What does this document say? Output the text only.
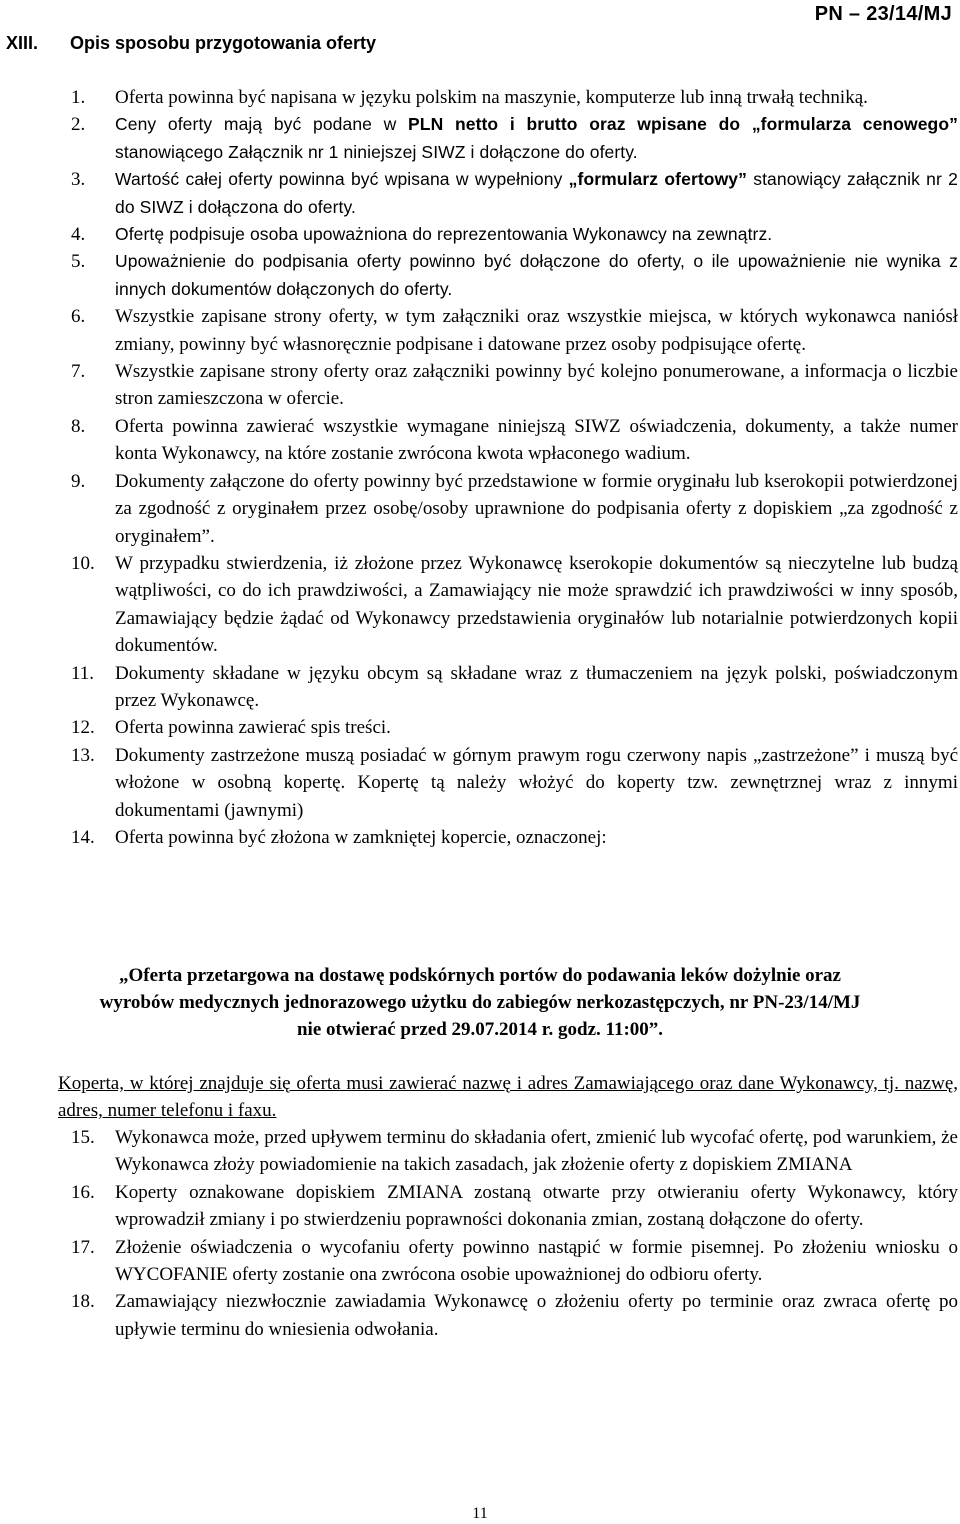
PN – 23/14/MJ
XIII. Opis sposobu przygotowania oferty
1.	Oferta powinna być napisana w języku polskim na maszynie, komputerze lub inną trwałą techniką.
2.	Ceny oferty mają być podane w PLN netto i brutto oraz wpisane do „formularza cenowego” stanowiącego Załącznik nr 1 niniejszej SIWZ i dołączone do oferty.
3.	Wartość całej oferty powinna być wpisana w wypełniony „formularz ofertowy” stanowiący załącznik nr 2 do SIWZ i dołączona do oferty.
4.	Ofertę podpisuje osoba upoważniona do reprezentowania Wykonawcy na zewnątrz.
5.	Upoważnienie do podpisania oferty powinno być dołączone do oferty, o ile upoważnienie nie wynika z innych dokumentów dołączonych do oferty.
6.	Wszystkie zapisane strony oferty, w tym załączniki oraz wszystkie miejsca, w których wykonawca naniósł zmiany, powinny być własnoręcznie podpisane i datowane przez osoby podpisujące ofertę.
7.	Wszystkie zapisane strony oferty oraz załączniki powinny być kolejno ponumerowane, a informacja o liczbie stron zamieszczona w ofercie.
8.	Oferta powinna zawierać wszystkie wymagane niniejszą SIWZ oświadczenia, dokumenty, a także numer konta Wykonawcy, na które zostanie zwrócona kwota wpłaconego wadium.
9.	Dokumenty załączone do oferty powinny być przedstawione w formie oryginału lub kserokopii potwierdzonej za zgodność z oryginałem przez osobę/osoby uprawnione do podpisania oferty z dopiskiem „za zgodność z oryginałem”.
10.	W przypadku stwierdzenia, iż złożone przez Wykonawcę kserokopie dokumentów są nieczytelne lub budzą wątpliwości, co do ich prawdziwości, a Zamawiający nie może sprawdzić ich prawdziwości w inny sposób, Zamawiający będzie żądać od Wykonawcy przedstawienia oryginałów lub notarialnie potwierdzonych kopii dokumentów.
11.	Dokumenty składane w języku obcym są składane wraz z tłumaczeniem na język polski, poświadczonym przez Wykonawcę.
12.	Oferta powinna zawierać spis treści.
13.	Dokumenty zastrzeżone muszą posiadać w górnym prawym rogu czerwony napis „zastrzeżone” i muszą być włożone w osobną kopertę. Kopertę tą należy włożyć do koperty tzw. zewnętrznej wraz z innymi dokumentami (jawnymi)
14.	Oferta powinna być złożona w zamkniętej kopercie, oznaczonej:
„Oferta przetargowa na dostawę podskórnych portów do podawania leków dożylnie oraz
wyrobów medycznych jednorazowego użytku do zabiegów nerkozastępczych, nr PN-23/14/MJ
nie otwierać przed 29.07.2014 r. godz. 11:00”.
Koperta, w której znajduje się oferta musi zawierać nazwę i adres Zamawiającego oraz dane Wykonawcy, tj. nazwę, adres, numer telefonu i faxu.
15.	Wykonawca może, przed upływem terminu do składania ofert, zmienić lub wycofać ofertę, pod warunkiem, że Wykonawca złoży powiadomienie na takich zasadach, jak złożenie oferty z dopiskiem ZMIANA
16.	Koperty oznakowane dopiskiem ZMIANA zostaną otwarte przy otwieraniu oferty Wykonawcy, który wprowadził zmiany i po stwierdzeniu poprawności dokonania zmian, zostaną dołączone do oferty.
17.	Złożenie oświadczenia o wycofaniu oferty powinno nastąpić w formie pisemnej. Po złożeniu wniosku o WYCOFANIE oferty zostanie ona zwrócona osobie upoważnionej do odbioru oferty.
18.	Zamawiający niezwłocznie zawiadamia Wykonawcę o złożeniu oferty po terminie oraz zwraca ofertę po upływie terminu do wniesienia odwołania.
11
